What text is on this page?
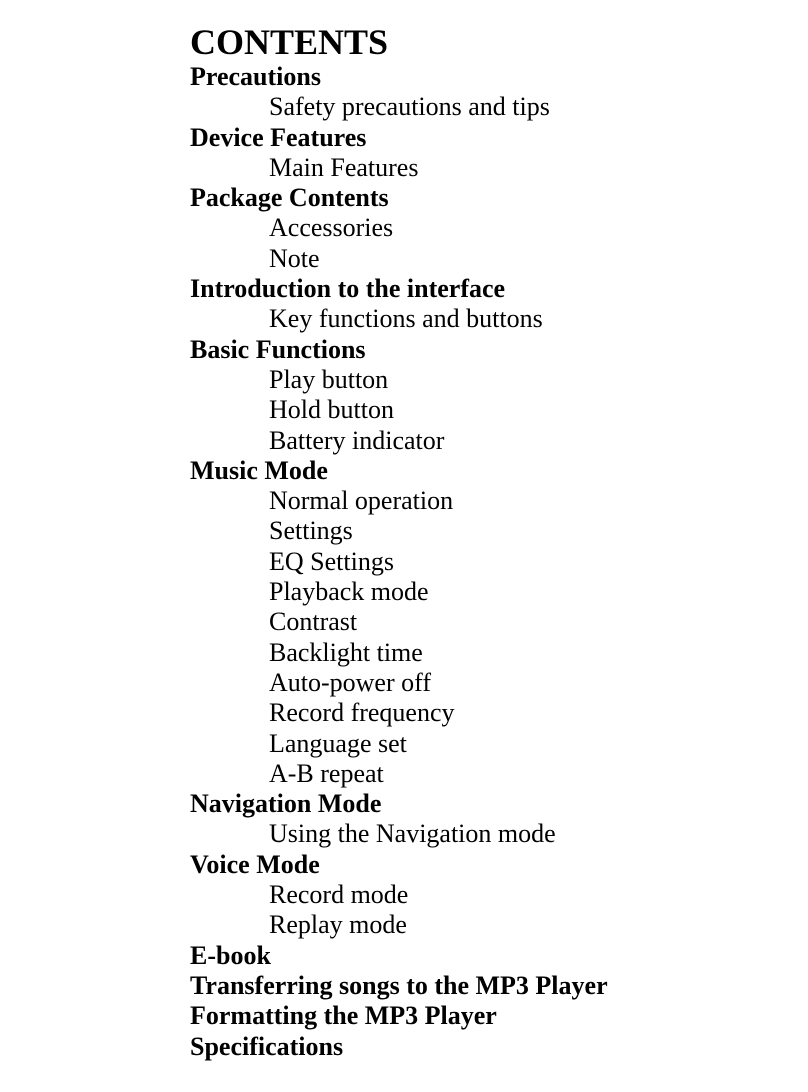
CONTENTS
Precautions
Safety precautions and tips
Device Features
Main Features
Package Contents
Accessories
Note
Introduction to the interface
Key functions and buttons
Basic Functions
Play button
Hold button
Battery indicator
Music Mode
Normal operation
Settings
EQ Settings
Playback mode
Contrast
Backlight time
Auto-power off
Record frequency
Language set
A-B repeat
Navigation Mode
Using the Navigation mode
Voice Mode
Record mode
Replay mode
E-book
Transferring songs to the MP3 Player
Formatting the MP3 Player
Specifications
